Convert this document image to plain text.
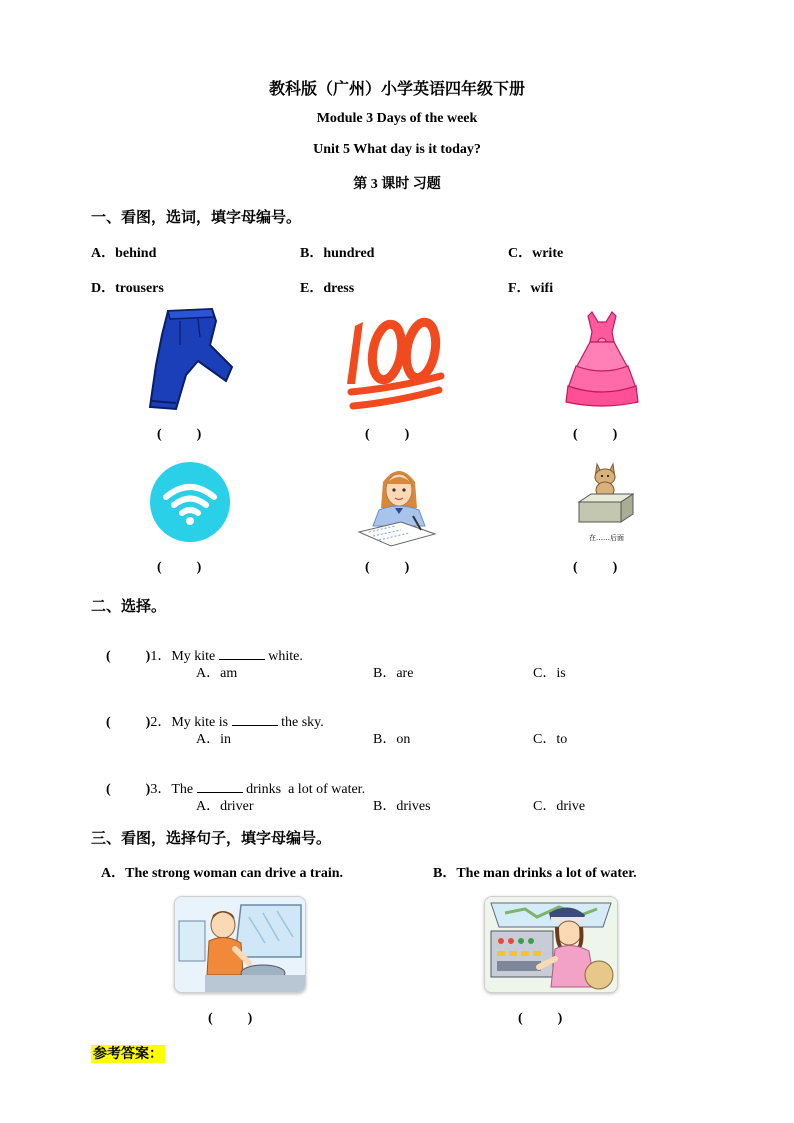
教科版（广州）小学英语四年级下册
Module 3 Days of the week
Unit 5 What day is it today?
第 3 课时 习题
一、看图，选词，填字母编号。
A．behind	B．hundred	C．write
D．trousers	E．dress	F．wifi
(          )	(          )	(          )
在……后面
(          )	(          )	(          )
二、选择。

(          )1．My kite	white.

A．am	B．are	C．is

(          )2．My kite is	the sky.

A．in	B．on	C．to

(          )3．The	drinks  a lot of water.

A．driver	B．drives	C．drive
三、看图，选择句子，填字母编号。
A．The strong woman can drive a train.	B．The man drinks a lot of water.
(          )	(          )
参考答案：
